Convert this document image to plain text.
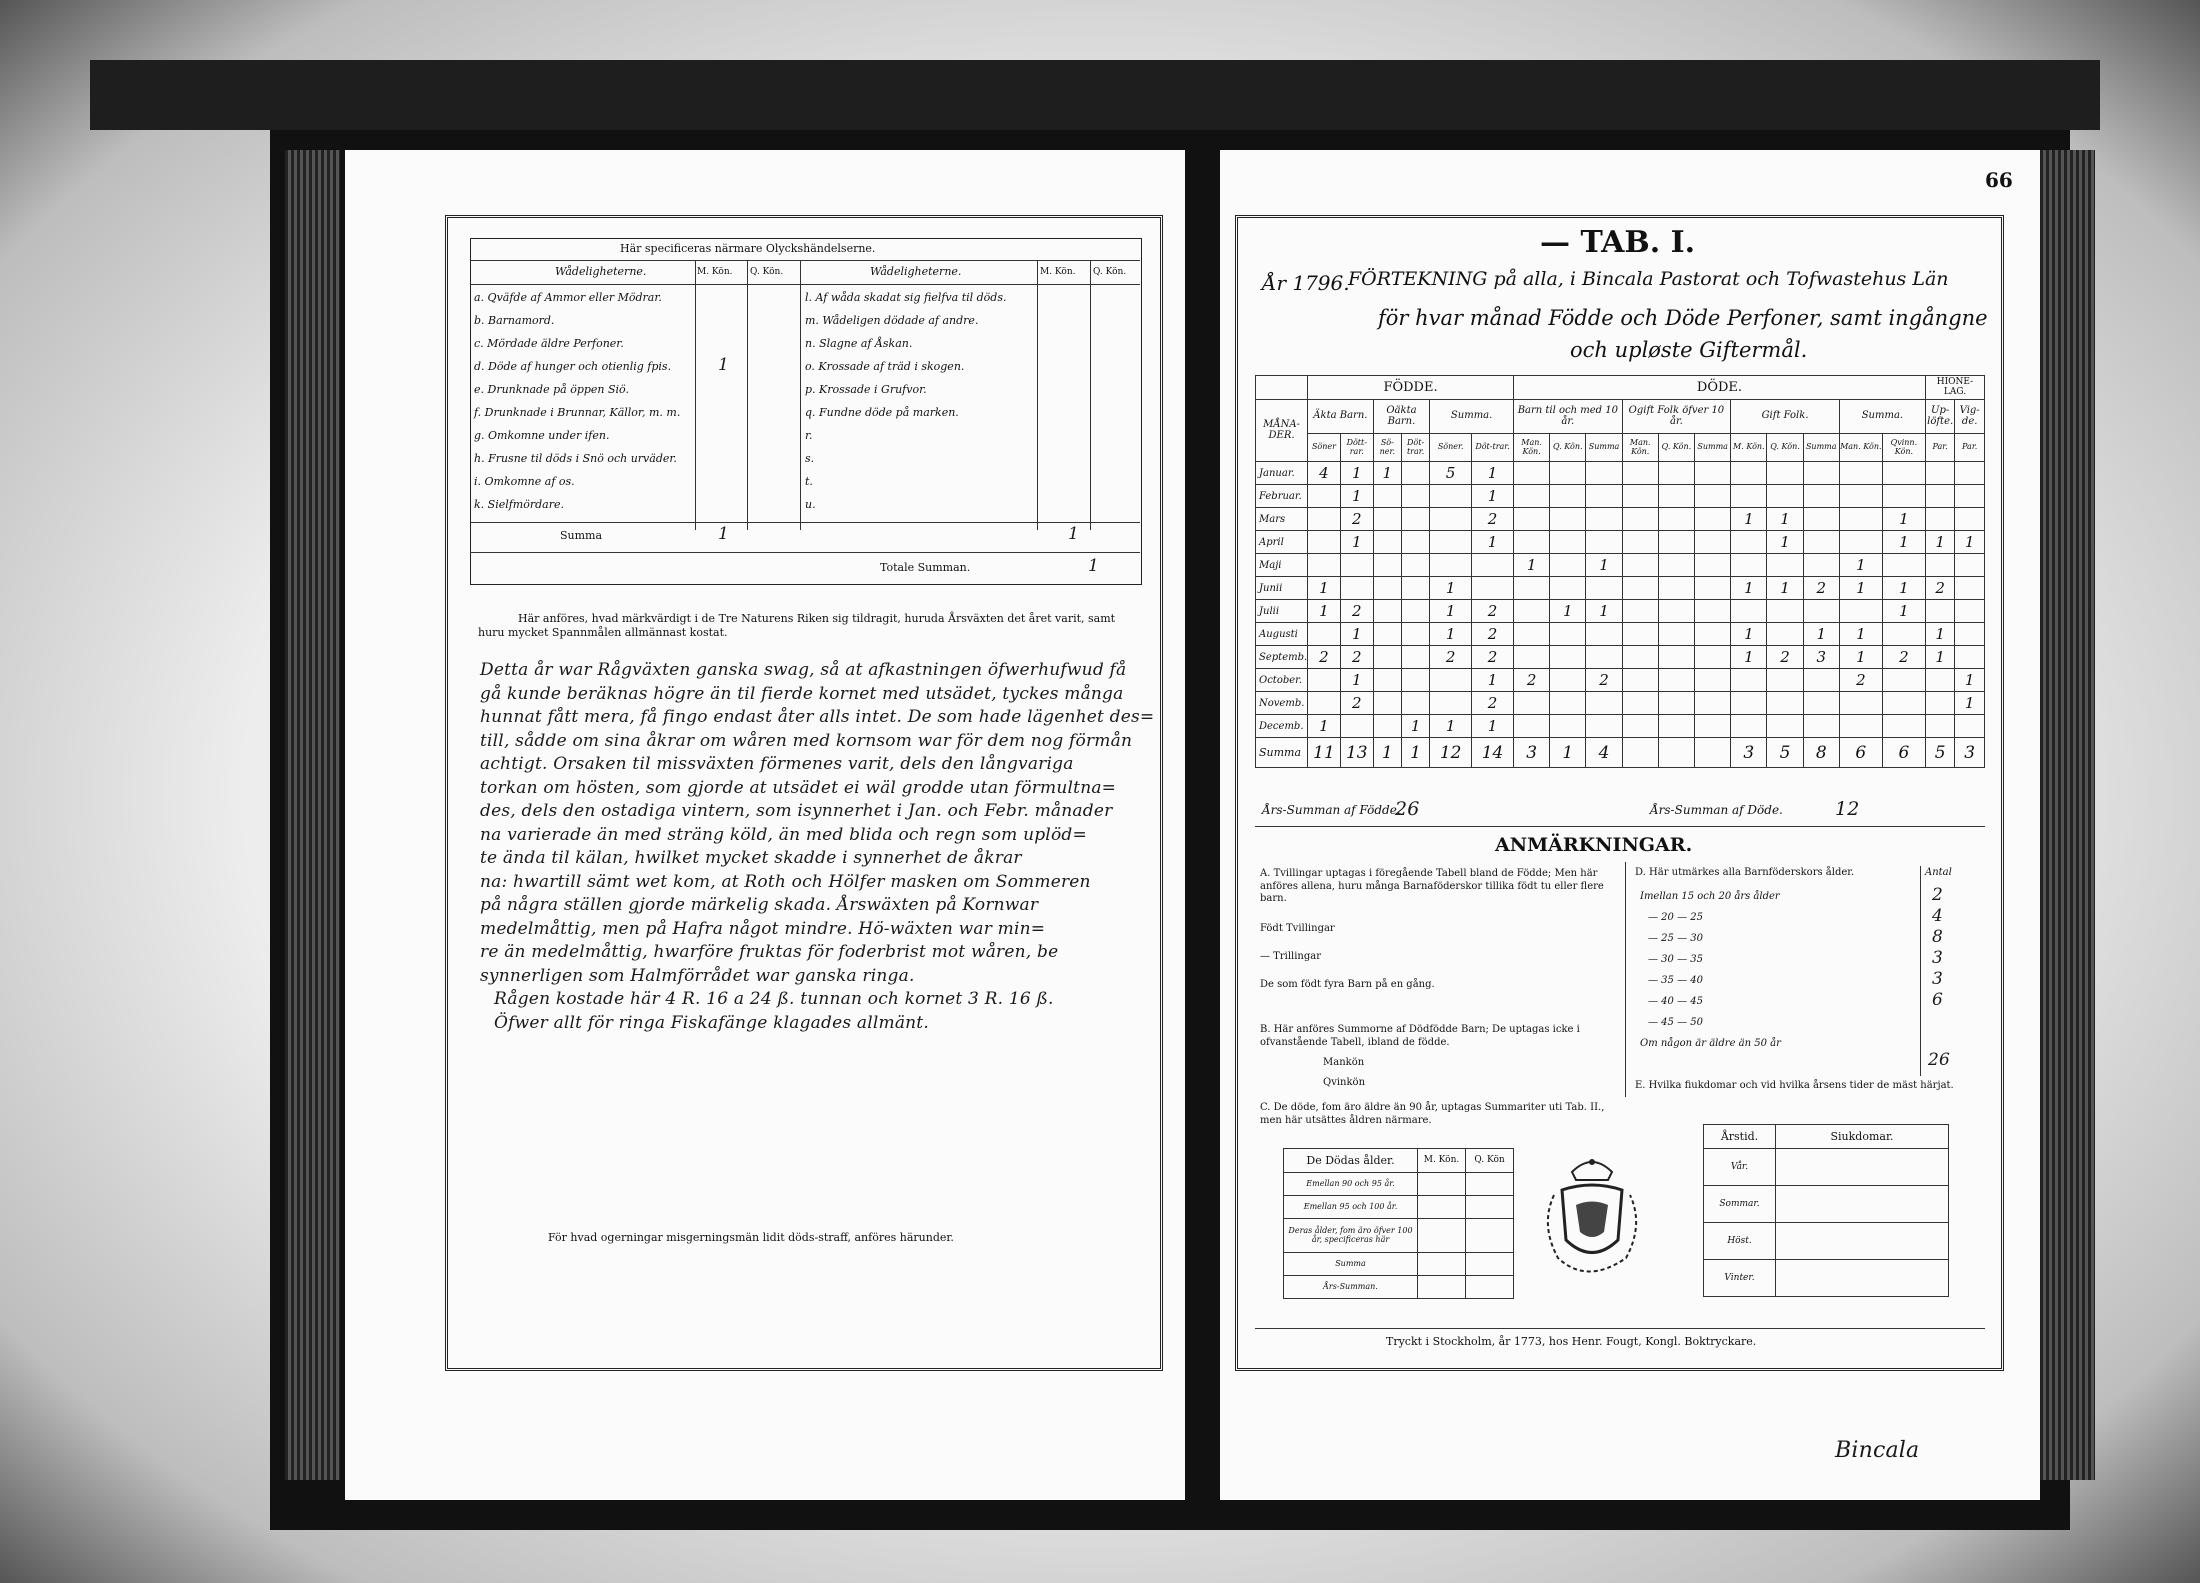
Här specificeras närmare Olyckshändelserne.
Wådeligheterne.	M. Kön. Q. Kön.	Wådeligheterne.	M. Kön. Q. Kön.
a. Qväfde af Ammor eller Mödrar.
b. Barnamord.
c. Mördade äldre Perfoner.
d. Döde af hunger och otienlig fpis.	1
e. Drunknade på öppen Siö.
f. Drunknade i Brunnar, Källor, m. m.
g. Omkomne under ifen.
h. Frusne til döds i Snö och urväder.
i. Omkomne af os.
k. Sielfmördare.
l. Af wåda skadat sig fielfva til döds.
m. Wådeligen dödade af andre.
n. Slagne af Åskan.
o. Krossade af träd i skogen.
p. Krossade i Grufvor.
q. Fundne döde på marken.
r.
s.
t.
u.
Summa	1	1
Totale Summan.	1
Här anföres, hvad märkvärdigt i de Tre Naturens Riken sig tildragit, huruda Årsväxten det året varit, samt huru mycket Spannmålen allmännast kostat.
Detta år war Rågväxten ganska swag, så at afkastningen öfwerhufwud få
gå kunde beräknas högre än til fierde kornet med utsädet, tyckes många
hunnat fått mera, få fingo endast åter alls intet. De som hade lägenhet des=
till, sådde om sina åkrar om wåren med kornsom war för dem nog förmån
achtigt. Orsaken til missväxten förmenes varit, dels den långvariga
torkan om hösten, som gjorde at utsädet ei wäl grodde utan förmultna=
des, dels den ostadiga vintern, som isynnerhet i Jan. och Febr. månader
na varierade än med sträng köld, än med blida och regn som uplöd=
te ända til kälan, hwilket mycket skadde i synnerhet de åkrar
na: hwartill sämt wet kom, at Roth och Hölfer masken om Sommeren
på några ställen gjorde märkelig skada. Årswäxten på Kornwar
medelmåttig, men på Hafra något mindre. Hö-wäxten war min=
re än medelmåttig, hwarföre fruktas för foderbrist mot wåren, be
synnerligen som Halmförrådet war ganska ringa.
Rågen kostade här 4 R. 16 a 24 ß. tunnan och kornet 3 R. 16 ß.
Öfwer allt för ringa Fiskafänge klagades allmänt.
För hvad ogerningar misgerningsmän lidit döds-straff, anföres härunder.
66
— TAB. I.
År 1796.
FÖRTEKNING på alla, i Bincala Pastorat och Tofwastehus Län
för hvar månad Födde och Döde Perfoner, samt ingångne
och upløste Giftermål.
	FÖDDE.						DÖDE.											HIONE-LAG.	
MÅNA-DER.	Äkta Barn.		Oäkta Barn.		Summa.		Barn til och med 10 år.			Ogift Folk öfver 10 år.			Gift Folk.			Summa.		Up-löfte.	Vig-de.
	Söner	Dött-rar.	Sö-ner.	Döt-trar.	Söner.	Döt-trar.	Man. Kön.	Q. Kön.	Summa	Man. Kön.	Q. Kön.	Summa	M. Kön.	Q. Kön.	Summa	Man. Kön.	Qvinn. Kön.	Par.	Par.
Januar.	4	1	1		5	1													
Februar.		1				1													
Mars		2				2							1	1			1		
April		1				1								1			1	1	1
Maji							1		1							1			
Junii	1				1								1	1	2	1	1	2	
Julii	1	2			1	2		1	1								1		
Augusti		1			1	2							1		1	1		1	
Septemb.	2	2			2	2							1	2	3	1	2	1	
October.		1				1	2		2							2			1
Novemb.		2				2													1
Decemb.	1			1	1	1													
Summa	11	13	1	1	12	14	3	1	4				3	5	8	6	6	5	3
Års-Summan af Födde.
26	Års-Summan af Döde.	12
ANMÄRKNINGAR.
A. Tvillingar uptagas i föregående Tabell bland de Födde; Men här anföres allena, huru många Barnaföderskor tillika födt tu eller flere barn.
Födt Tvillingar
— Trillingar
De som födt fyra Barn på en gång.
B. Här anföres Summorne af Dödfödde Barn; De uptagas icke i ofvanstående Tabell, ibland de födde.
Mankön
Qvinkön
C. De döde, fom äro äldre än 90 år, uptagas Summariter uti Tab. II., men här utsättes åldren närmare.
D. Här utmärkes alla Barnföderskors ålder.	Antal
Imellan 15 och 20 års ålder	2
— 20 — 25	4
— 25 — 30	8
— 30 — 35	3
— 35 — 40	3
— 40 — 45	6
— 45 — 50
Om någon är äldre än 50 år
26
E. Hvilka fiukdomar och vid hvilka årsens tider de mäst härjat.
De Dödas ålder.	M. Kön.	Q. Kön
Emellan 90 och 95 år.		
Emellan 95 och 100 år.		
Deras ålder, fom äro öfver 100 år, specificeras här		
Summa		
Års-Summan.		
Årstid.	Siukdomar.
Vår.	
Sommar.	
Höst.	
Vinter.	
Tryckt i Stockholm, år 1773, hos Henr. Fougt, Kongl. Boktryckare.
Bincala
